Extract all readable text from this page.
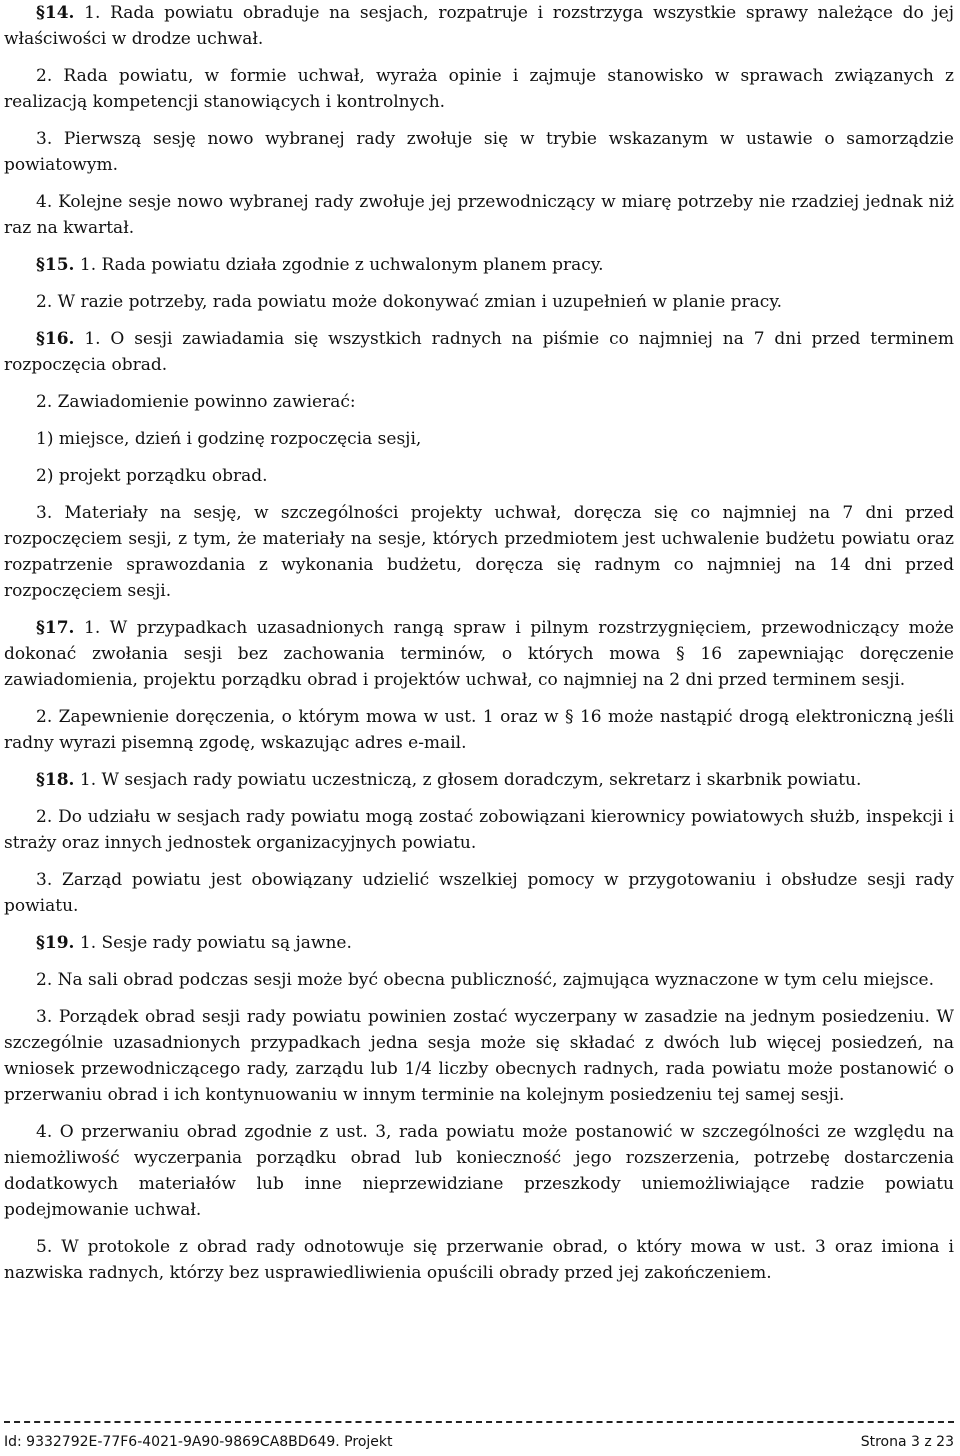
§14. 1. Rada powiatu obraduje na sesjach, rozpatruje i rozstrzyga wszystkie sprawy należące do jej właściwości w drodze uchwał.

2. Rada powiatu, w formie uchwał, wyraża opinie i zajmuje stanowisko w sprawach związanych z realizacją kompetencji stanowiących i kontrolnych.

3. Pierwszą sesję nowo wybranej rady zwołuje się w trybie wskazanym w ustawie o samorządzie powiatowym.

4. Kolejne sesje nowo wybranej rady zwołuje jej przewodniczący w miarę potrzeby nie rzadziej jednak niż raz na kwartał.

§15. 1. Rada powiatu działa zgodnie z uchwalonym planem pracy.

2. W razie potrzeby, rada powiatu może dokonywać zmian i uzupełnień w planie pracy.

§16. 1. O sesji zawiadamia się wszystkich radnych na piśmie co najmniej na 7 dni przed terminem rozpoczęcia obrad.

2. Zawiadomienie powinno zawierać:

1) miejsce, dzień i godzinę rozpoczęcia sesji,

2) projekt porządku obrad.

3. Materiały na sesję, w szczególności projekty uchwał, doręcza się co najmniej na 7 dni przed rozpoczęciem sesji, z tym, że materiały na sesje, których przedmiotem jest uchwalenie budżetu powiatu oraz rozpatrzenie sprawozdania z wykonania budżetu, doręcza się radnym co najmniej na 14 dni przed rozpoczęciem sesji.

§17. 1. W przypadkach uzasadnionych rangą spraw i pilnym rozstrzygnięciem, przewodniczący może dokonać zwołania sesji bez zachowania terminów, o których mowa § 16 zapewniając doręczenie zawiadomienia, projektu porządku obrad i projektów uchwał, co najmniej na 2 dni przed terminem sesji.

2. Zapewnienie doręczenia, o którym mowa w ust. 1 oraz w § 16 może nastąpić drogą elektroniczną jeśli radny wyrazi pisemną zgodę, wskazując adres e-mail.

§18. 1. W sesjach rady powiatu uczestniczą, z głosem doradczym, sekretarz i skarbnik powiatu.

2. Do udziału w sesjach rady powiatu mogą zostać zobowiązani kierownicy powiatowych służb, inspekcji i straży oraz innych jednostek organizacyjnych powiatu.

3. Zarząd powiatu jest obowiązany udzielić wszelkiej pomocy w przygotowaniu i obsłudze sesji rady powiatu.

§19. 1. Sesje rady powiatu są jawne.

2. Na sali obrad podczas sesji może być obecna publiczność, zajmująca wyznaczone w tym celu miejsce.

3. Porządek obrad sesji rady powiatu powinien zostać wyczerpany w zasadzie na jednym posiedzeniu. W szczególnie uzasadnionych przypadkach jedna sesja może się składać z dwóch lub więcej posiedzeń, na wniosek przewodniczącego rady, zarządu lub 1/4 liczby obecnych radnych, rada powiatu może postanowić o przerwaniu obrad i ich kontynuowaniu w innym terminie na kolejnym posiedzeniu tej samej sesji.

4. O przerwaniu obrad zgodnie z ust. 3, rada powiatu może postanowić w szczególności ze względu na niemożliwość wyczerpania porządku obrad lub konieczność jego rozszerzenia, potrzebę dostarczenia dodatkowych materiałów lub inne nieprzewidziane przeszkody uniemożliwiające radzie powiatu podejmowanie uchwał.

5. W protokole z obrad rady odnotowuje się przerwanie obrad, o który mowa w ust. 3 oraz imiona i nazwiska radnych, którzy bez usprawiedliwienia opuścili obrady przed jej zakończeniem.

Id: 9332792E-77F6-4021-9A90-9869CA8BD649. Projekt	Strona 3 z 23
